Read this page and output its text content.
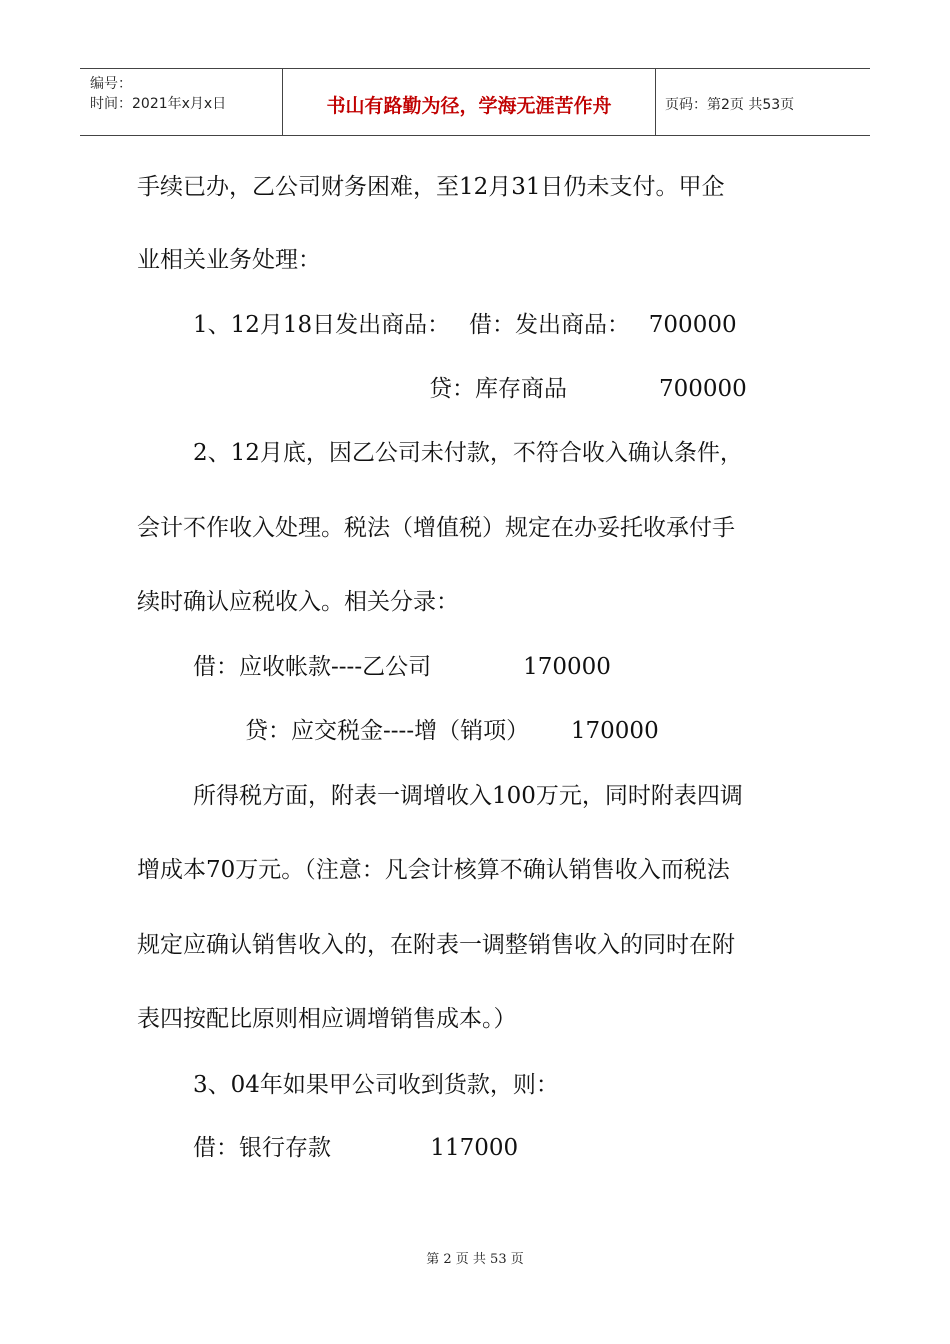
编号：
时间：2021年x月x日	书山有路勤为径，学海无涯苦作舟	页码：第2页 共53页
手续已办，乙公司财务困难，至12月31日仍未支付。甲企
业相关业务处理：
1、12月18日发出商品：　 借：发出商品：　 700000
贷：库存商品　　　　700000
2、12月底，因乙公司未付款，不符合收入确认条件，
会计不作收入处理。税法（增值税）规定在办妥托收承付手
续时确认应税收入。相关分录：
借：应收帐款----乙公司　　　　170000
贷：应交税金----增（销项）　　 170000
所得税方面，附表一调增收入100万元，同时附表四调
增成本70万元。（注意：凡会计核算不确认销售收入而税法
规定应确认销售收入的，在附表一调整销售收入的同时在附
表四按配比原则相应调增销售成本。）
3、04年如果甲公司收到货款，则：
借：银行存款　　　　 117000
第 2 页 共 53 页
